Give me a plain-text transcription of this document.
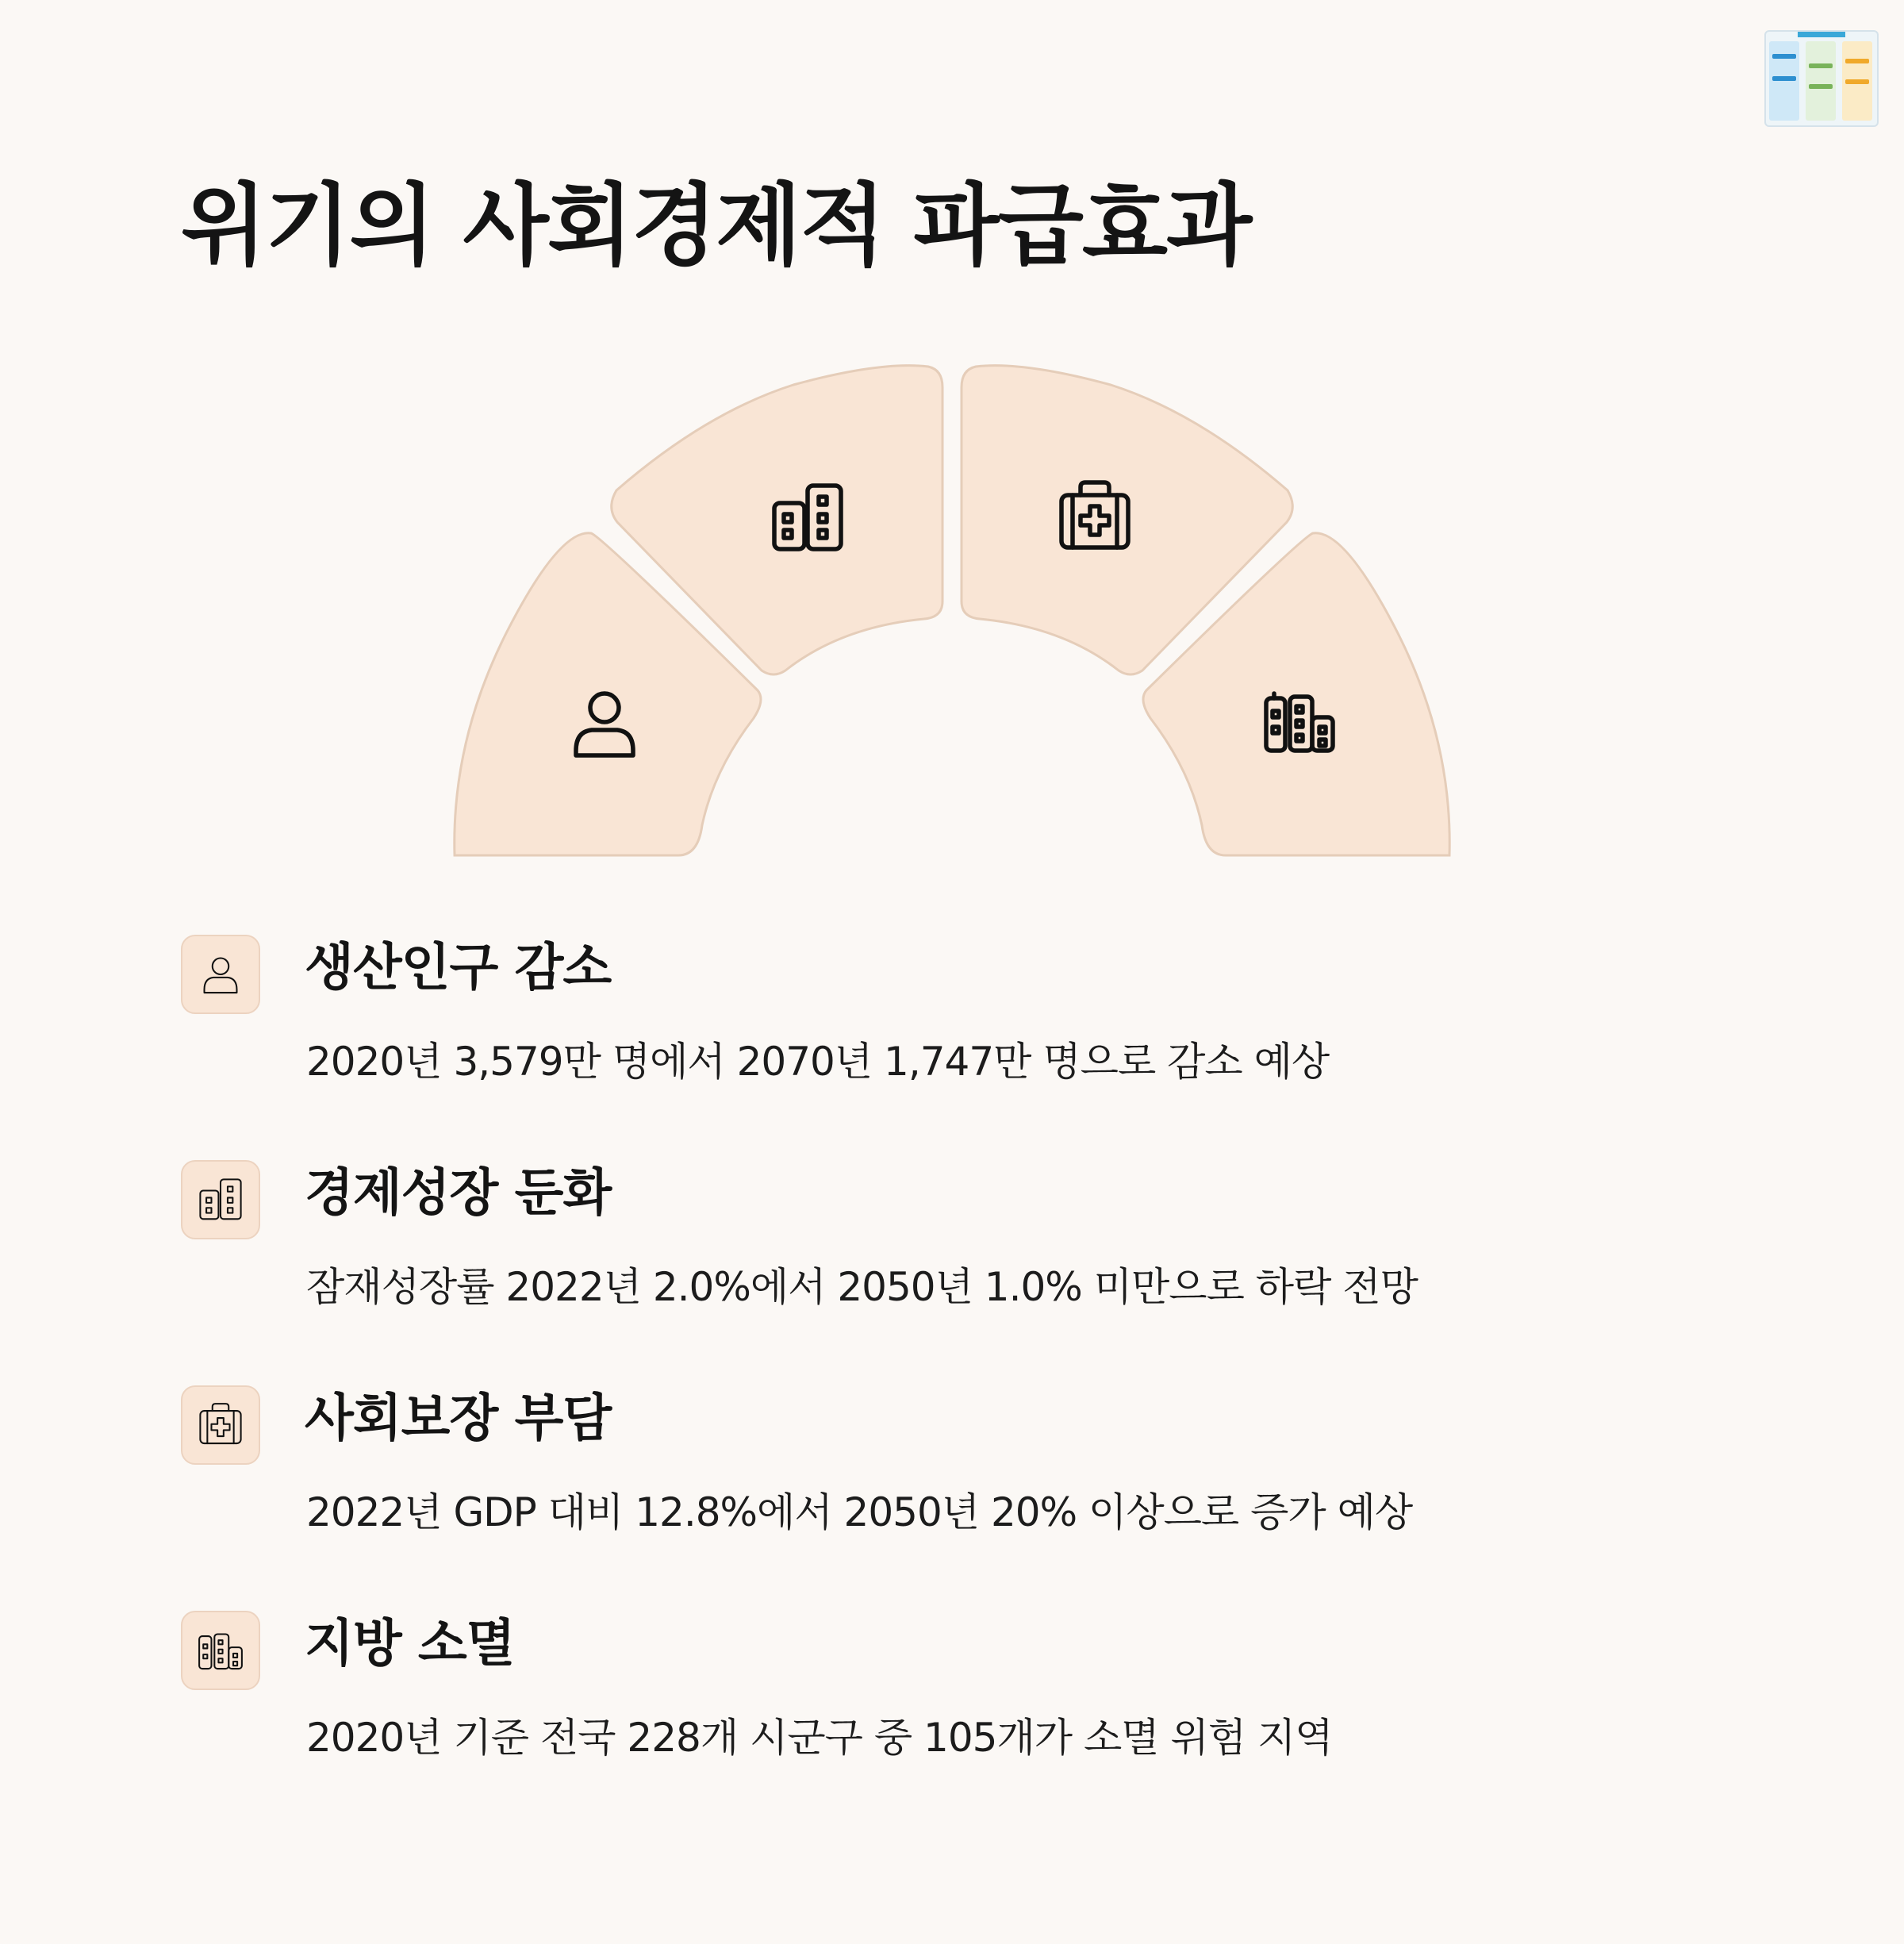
위기의 사회경제적 파급효과
생산인구 감소
2020년 3,579만 명에서 2070년 1,747만 명으로 감소 예상
경제성장 둔화
잠재성장률 2022년 2.0%에서 2050년 1.0% 미만으로 하락 전망
사회보장 부담
2022년 GDP 대비 12.8%에서 2050년 20% 이상으로 증가 예상
지방 소멸
2020년 기준 전국 228개 시군구 중 105개가 소멸 위험 지역
